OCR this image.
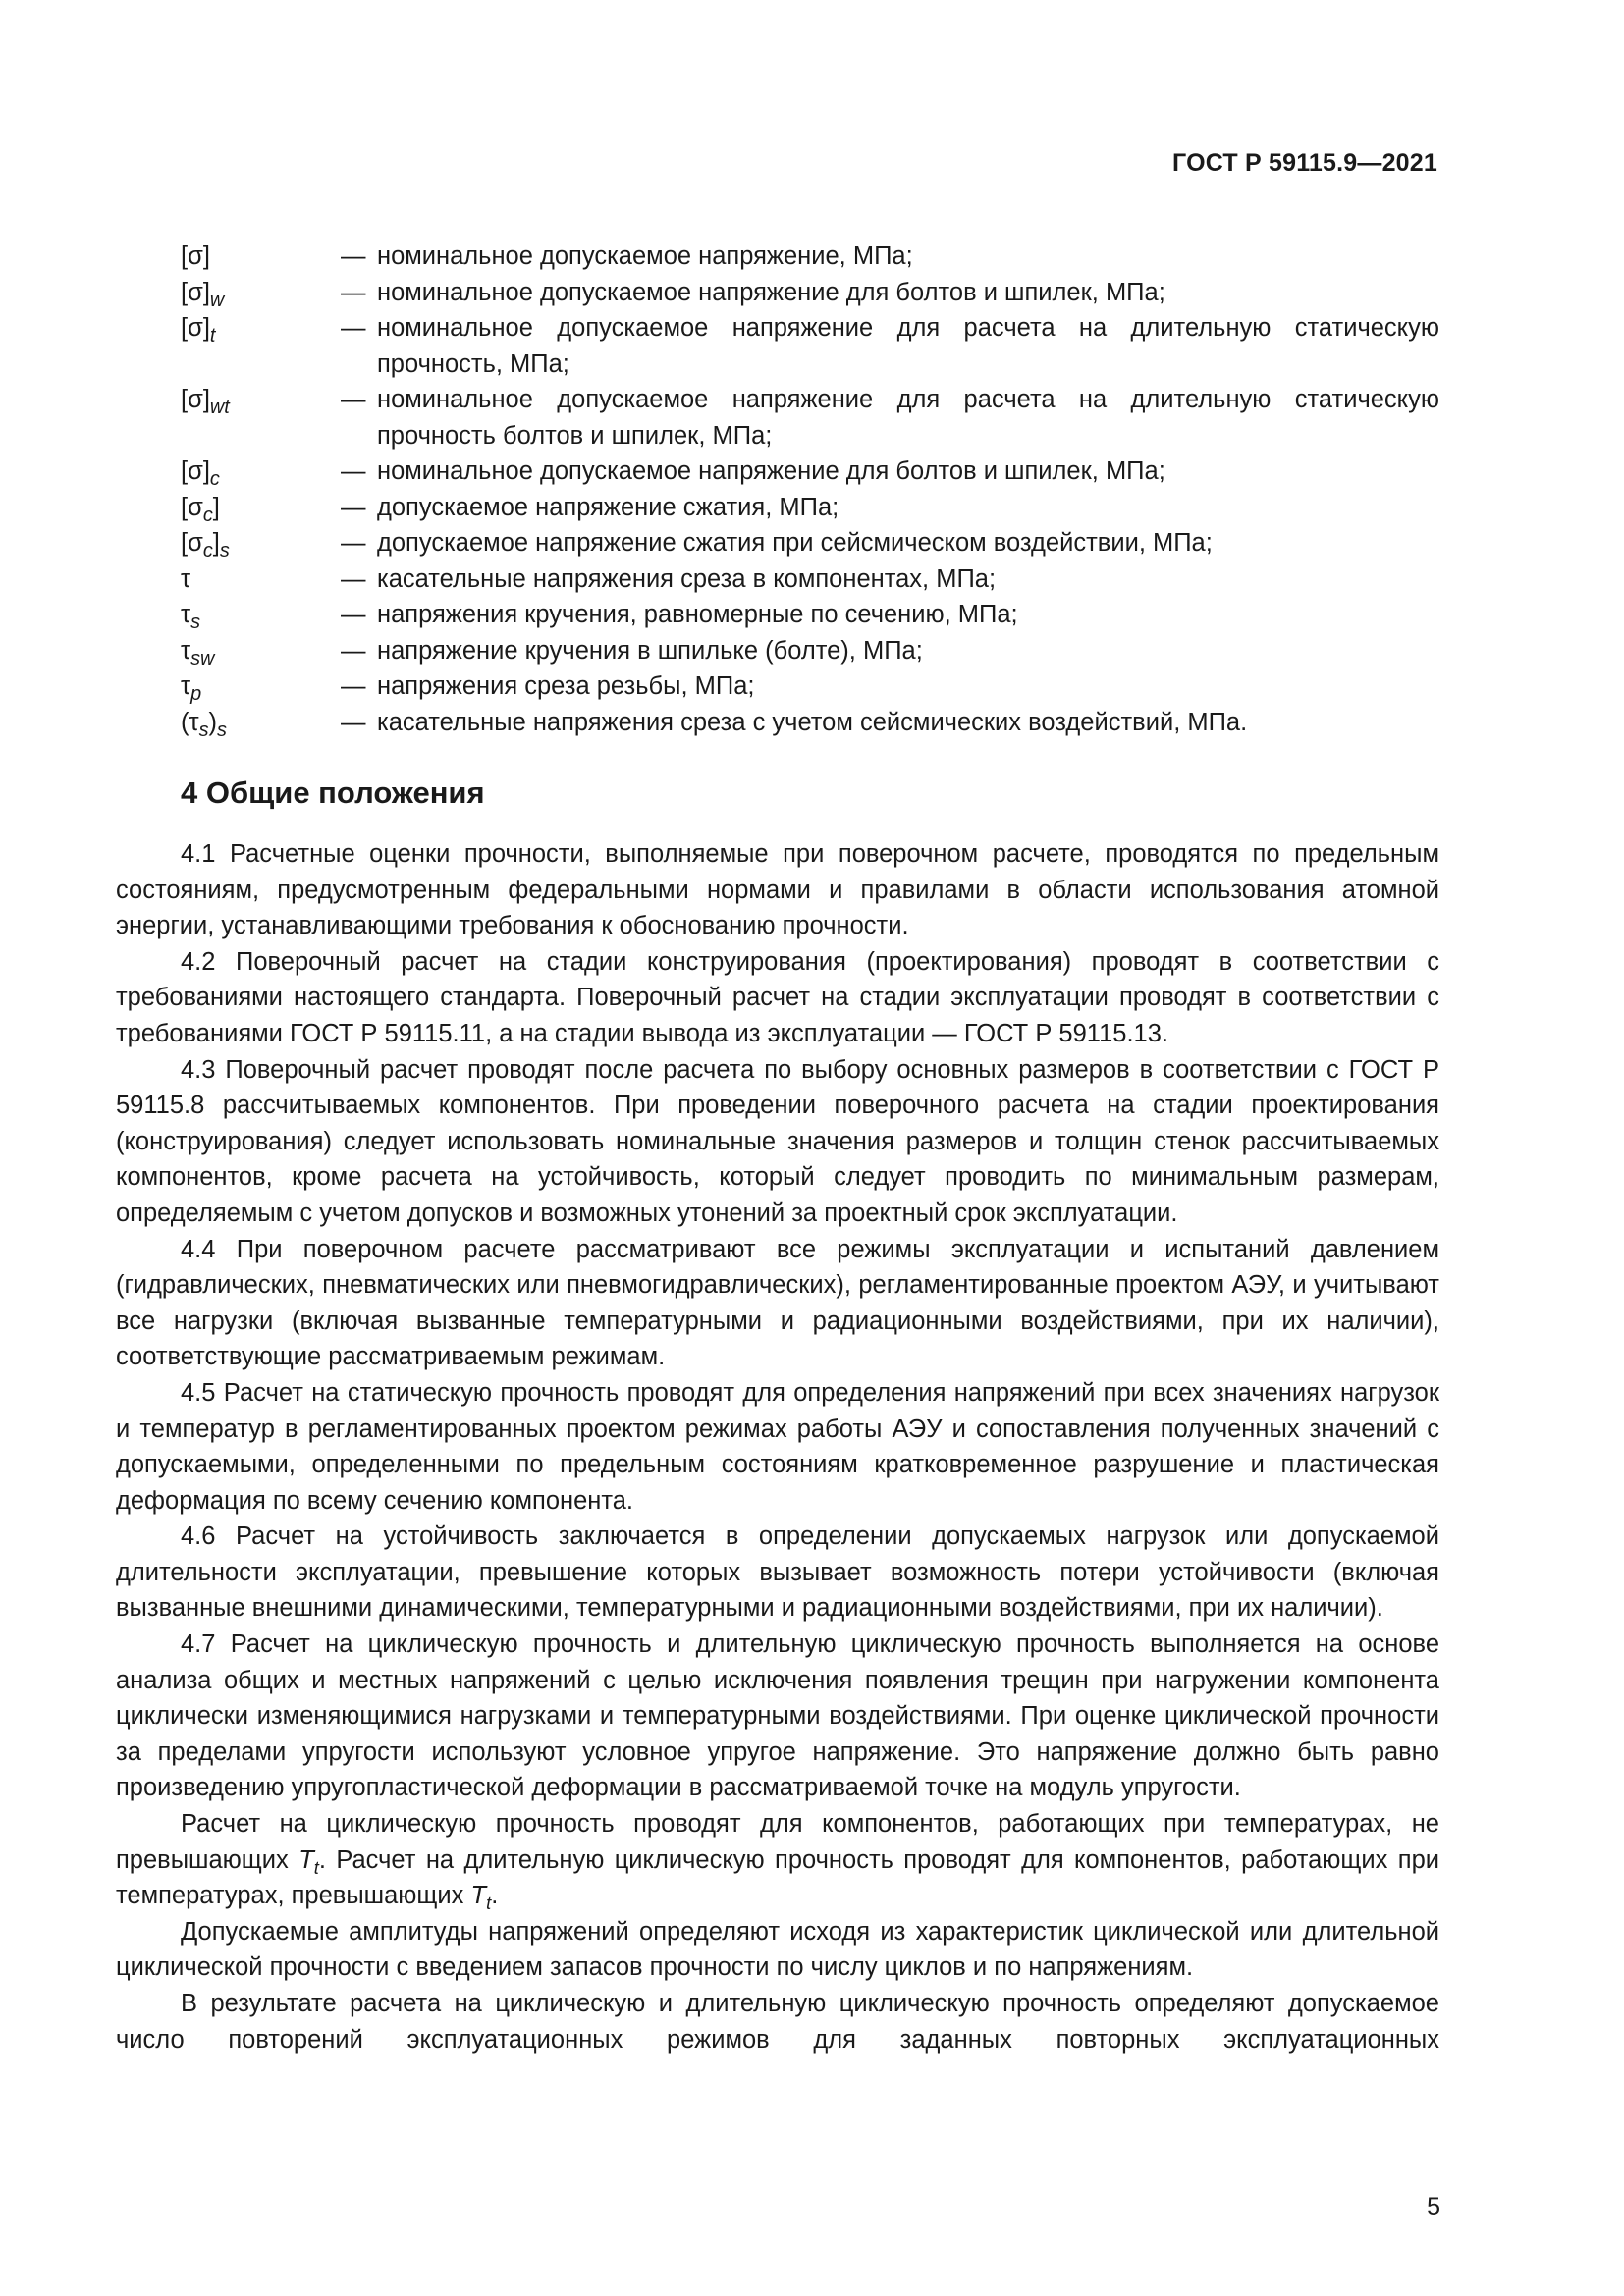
ГОСТ Р 59115.9—2021
[σ]	— номинальное допускаемое напряжение, МПа;
$[\sigma]_w$	— номинальное допускаемое напряжение для болтов и шпилек, МПа;
$[\sigma]_t$	— номинальное допускаемое напряжение для расчета на длительную статическую прочность, МПа;
$[\sigma]_{wt}$	— номинальное допускаемое напряжение для расчета на длительную статическую прочность болтов и шпилек, МПа;
$[\sigma]_c$	— номинальное допускаемое напряжение для болтов и шпилек, МПа;
$[\sigma_c]$	— допускаемое напряжение сжатия, МПа;
$[\sigma_c]_s$	— допускаемое напряжение сжатия при сейсмическом воздействии, МПа;
τ	— касательные напряжения среза в компонентах, МПа;
$\tau_s$	— напряжения кручения, равномерные по сечению, МПа;
$\tau_{sw}$	— напряжение кручения в шпильке (болте), МПа;
$\tau_p$	— напряжения среза резьбы, МПа;
$(\tau_s)_s$	— касательные напряжения среза с учетом сейсмических воздействий, МПа.
4 Общие положения

4.1 Расчетные оценки прочности, выполняемые при поверочном расчете, проводятся по предельным состояниям, предусмотренным федеральными нормами и правилами в области использования атомной энергии, устанавливающими требования к обоснованию прочности.

4.2 Поверочный расчет на стадии конструирования (проектирования) проводят в соответствии с требованиями настоящего стандарта. Поверочный расчет на стадии эксплуатации проводят в соответствии с требованиями ГОСТ Р 59115.11, а на стадии вывода из эксплуатации — ГОСТ Р 59115.13.

4.3 Поверочный расчет проводят после расчета по выбору основных размеров в соответствии с ГОСТ Р 59115.8 рассчитываемых компонентов. При проведении поверочного расчета на стадии проектирования (конструирования) следует использовать номинальные значения размеров и толщин стенок рассчитываемых компонентов, кроме расчета на устойчивость, который следует проводить по минимальным размерам, определяемым с учетом допусков и возможных утонений за проектный срок эксплуатации.

4.4 При поверочном расчете рассматривают все режимы эксплуатации и испытаний давлением (гидравлических, пневматических или пневмогидравлических), регламентированные проектом АЭУ, и учитывают все нагрузки (включая вызванные температурными и радиационными воздействиями, при их наличии), соответствующие рассматриваемым режимам.

4.5 Расчет на статическую прочность проводят для определения напряжений при всех значениях нагрузок и температур в регламентированных проектом режимах работы АЭУ и сопоставления полученных значений с допускаемыми, определенными по предельным состояниям кратковременное разрушение и пластическая деформация по всему сечению компонента.

4.6 Расчет на устойчивость заключается в определении допускаемых нагрузок или допускаемой длительности эксплуатации, превышение которых вызывает возможность потери устойчивости (включая вызванные внешними динамическими, температурными и радиационными воздействиями, при их наличии).

4.7 Расчет на циклическую прочность и длительную циклическую прочность выполняется на основе анализа общих и местных напряжений с целью исключения появления трещин при нагружении компонента циклически изменяющимися нагрузками и температурными воздействиями. При оценке циклической прочности за пределами упругости используют условное упругое напряжение. Это напряжение должно быть равно произведению упругопластической деформации в рассматриваемой точке на модуль упругости.

Расчет на циклическую прочность проводят для компонентов, работающих при температурах, не превышающих $T_t$. Расчет на длительную циклическую прочность проводят для компонентов, работающих при температурах, превышающих $T_t$.

Допускаемые амплитуды напряжений определяют исходя из характеристик циклической или длительной циклической прочности с введением запасов прочности по числу циклов и по напряжениям.

В результате расчета на циклическую и длительную циклическую прочность определяют допускаемое число повторений эксплуатационных режимов для заданных повторных эксплуатационных

5
